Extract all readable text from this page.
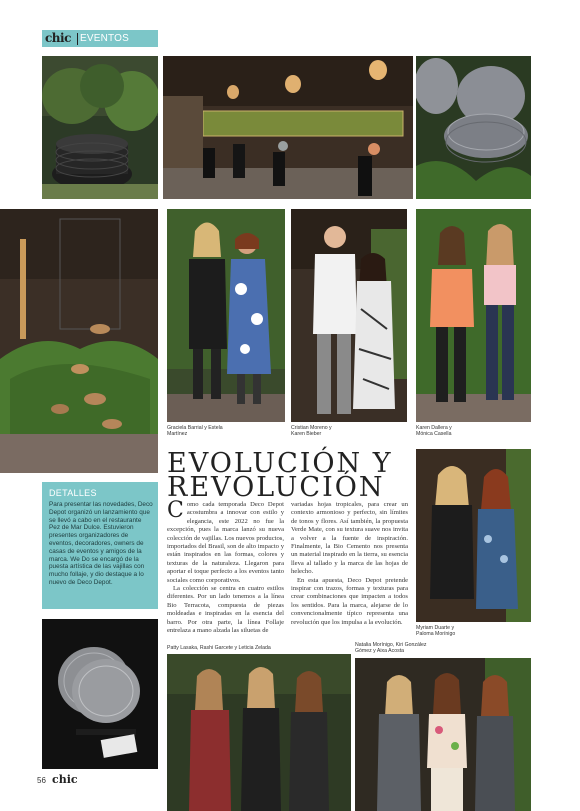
chic EVENTOS
Graciela Barrial y Estela Martínez
Cristian Moreno y Karen Bieber
Karen Dallera y Mónica Casella
EVOLUCIÓN Y
REVOLUCIÓN
DETALLES
Para presentar las novedades, Deco Depot organizó un lanzamiento que se llevó a cabo en el restaurante Pez de Mar Dulce. Estuvieron presentes organizadores de eventos, decoradores, owners de casas de eventos y amigos de la marca. We Do se encargó de la puesta artística de las vajillas con mucho follaje, y dio destaque a lo nuevo de Deco Depot.

Como cada temporada Deco Depot acostumbra a innovar con estilo y elegancia, este 2022 no fue la excepción, pues la marca lanzó su nueva colección de vajillas. Los nuevos productos, importados del Brasil, son de alto impacto y están inspirados en las formas, colores y texturas de la naturaleza. Llegaron para aportar el toque perfecto a los eventos tanto sociales como corporativos.

La colección se centra en cuatro estilos diferentes. Por un lado tenemos a la línea Bio Terracota, compuesta de piezas moldeadas e inspiradas en la esencia del barro. Por otra parte, la línea Follaje entrelaza a mano alzada las siluetas de

variadas hojas tropicales, para crear un contexto armonioso y perfecto, sin límites de tonos y flores. Así también, la propuesta Verde Mate, con su textura suave nos invita a volver a la fuente de inspiración. Finalmente, la Bio Cemento nos presenta un material inspirado en la tierra, su esencia lleva al tallado y la marca de las hojas de helecho.

En esta apuesta, Deco Depot pretende inspirar con trazos, formas y texturas para crear combinaciones que impacten a todos los sentidos. Para la marca, alejarse de lo convencionalmente típico representa una revolución que los impulsa a la evolución.

Myriam Duarte y Paloma Morínigo
Patty Lasaka, Rashi Garcete y Leticia Zelada	Natalia Morínigo, Kiri González Gómez y Aixa Acosta
56 chic
